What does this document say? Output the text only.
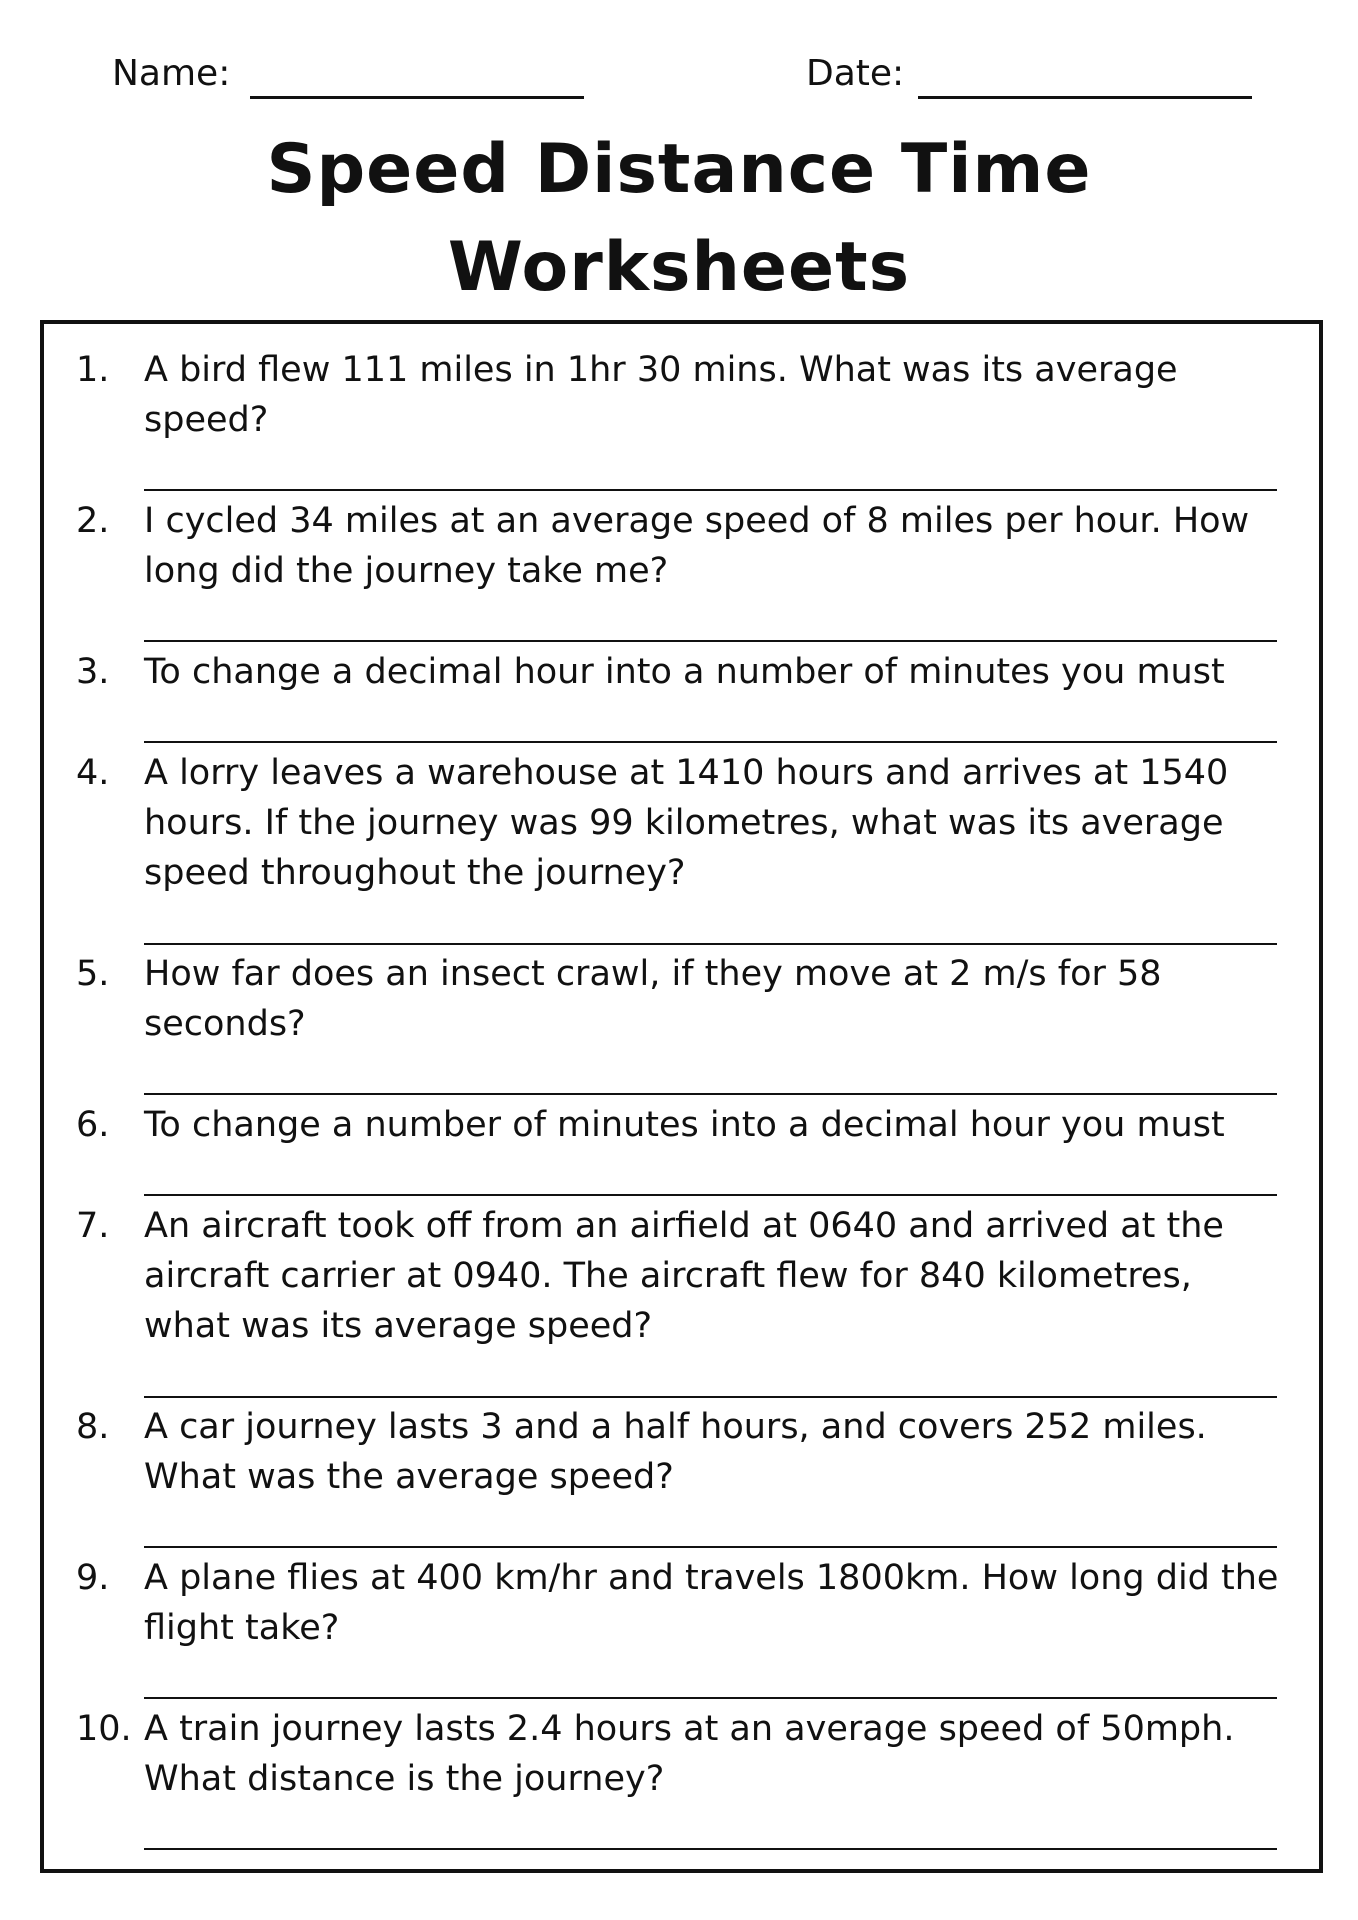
Name:	Date:
Speed Distance Time
Worksheets
1. A bird flew 111 miles in 1hr 30 mins. What was its average speed?
2. I cycled 34 miles at an average speed of 8 miles per hour. How long did the journey take me?
3. To change a decimal hour into a number of minutes you must
4. A lorry leaves a warehouse at 1410 hours and arrives at 1540 hours. If the journey was 99 kilometres, what was its average speed throughout the journey?
5. How far does an insect crawl, if they move at 2 m/s for 58 seconds?
6. To change a number of minutes into a decimal hour you must
7. An aircraft took off from an airfield at 0640 and arrived at the aircraft carrier at 0940. The aircraft flew for 840 kilometres, what was its average speed?
8. A car journey lasts 3 and a half hours, and covers 252 miles. What was the average speed?
9. A plane flies at 400 km/hr and travels 1800km. How long did the flight take?
10. A train journey lasts 2.4 hours at an average speed of 50mph. What distance is the journey?
